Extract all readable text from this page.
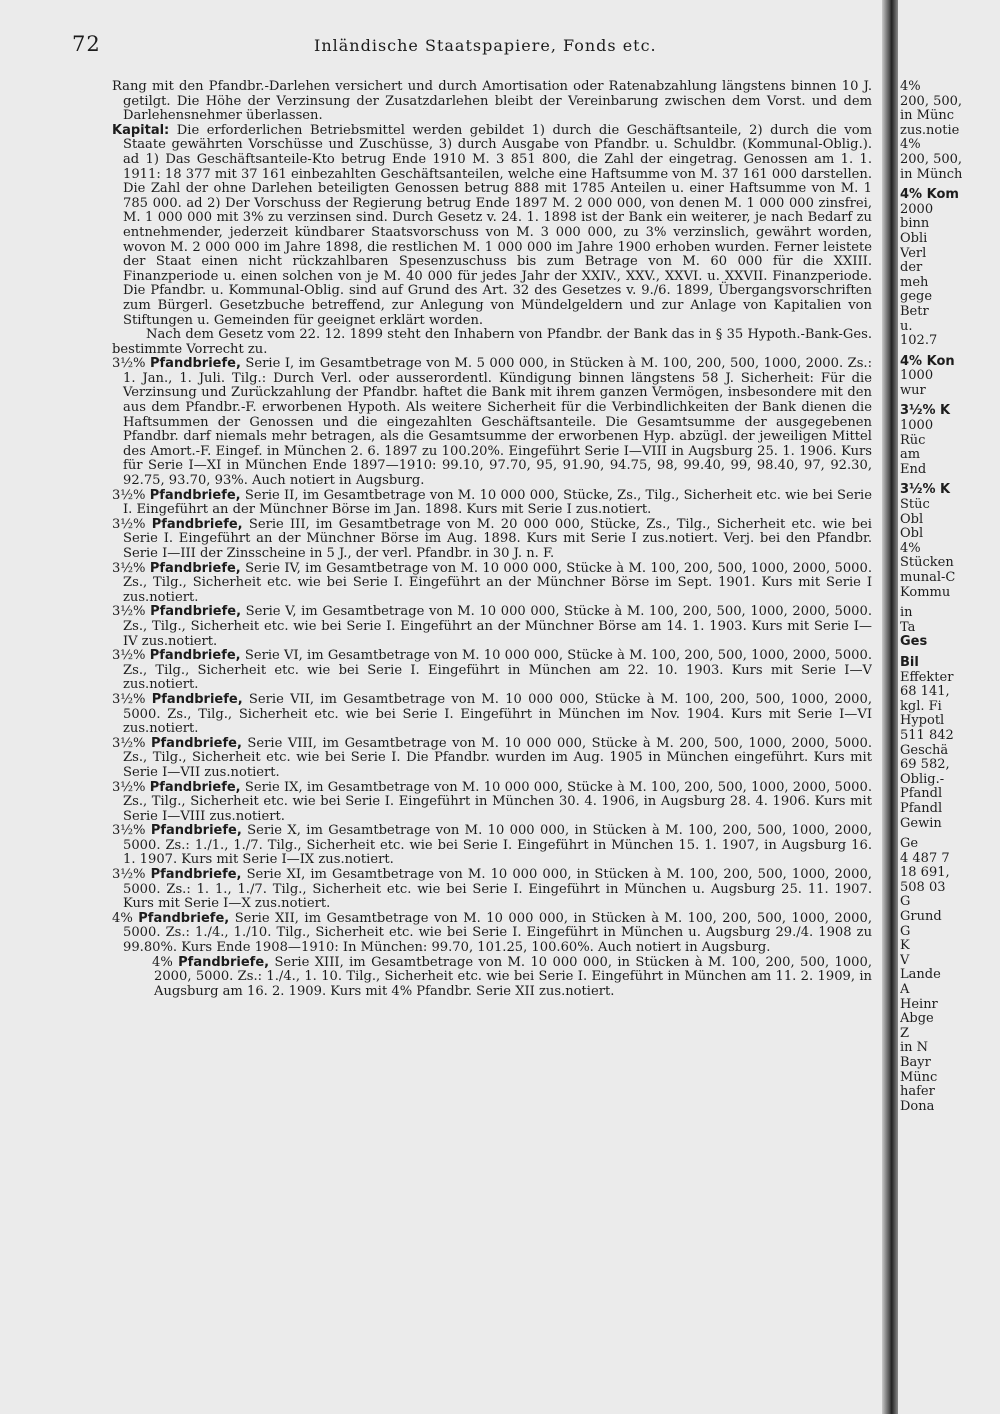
72	Inländische Staatspapiere, Fonds etc.

Rang mit den Pfandbr.-Darlehen versichert und durch Amortisation oder Ratenabzahlung längstens binnen 10 J. getilgt. Die Höhe der Verzinsung der Zusatzdarlehen bleibt der Vereinbarung zwischen dem Vorst. und dem Darlehensnehmer überlassen.

Kapital: Die erforderlichen Betriebsmittel werden gebildet 1) durch die Geschäftsanteile, 2) durch die vom Staate gewährten Vorschüsse und Zuschüsse, 3) durch Ausgabe von Pfandbr. u. Schuldbr. (Kommunal-Oblig.). ad 1) Das Geschäftsanteile-Kto betrug Ende 1910 M. 3 851 800, die Zahl der eingetrag. Genossen am 1. 1. 1911: 18 377 mit 37 161 einbezahlten Geschäftsanteilen, welche eine Haftsumme von M. 37 161 000 darstellen. Die Zahl der ohne Darlehen beteiligten Genossen betrug 888 mit 1785 Anteilen u. einer Haftsumme von M. 1 785 000. ad 2) Der Vorschuss der Regierung betrug Ende 1897 M. 2 000 000, von denen M. 1 000 000 zinsfrei, M. 1 000 000 mit 3% zu verzinsen sind. Durch Gesetz v. 24. 1. 1898 ist der Bank ein weiterer, je nach Bedarf zu entnehmender, jederzeit kündbarer Staatsvorschuss von M. 3 000 000, zu 3% verzinslich, gewährt worden, wovon M. 2 000 000 im Jahre 1898, die restlichen M. 1 000 000 im Jahre 1900 erhoben wurden. Ferner leistete der Staat einen nicht rückzahlbaren Spesenzuschuss bis zum Betrage von M. 60 000 für die XXIII. Finanzperiode u. einen solchen von je M. 40 000 für jedes Jahr der XXIV., XXV., XXVI. u. XXVII. Finanzperiode. Die Pfandbr. u. Kommunal-Oblig. sind auf Grund des Art. 32 des Gesetzes v. 9./6. 1899, Übergangsvorschriften zum Bürgerl. Gesetzbuche betreffend, zur Anlegung von Mündelgeldern und zur Anlage von Kapitalien von Stiftungen u. Gemeinden für geeignet erklärt worden.

Nach dem Gesetz vom 22. 12. 1899 steht den Inhabern von Pfandbr. der Bank das in § 35 Hypoth.-Bank-Ges. bestimmte Vorrecht zu.

3½% Pfandbriefe, Serie I, im Gesamtbetrage von M. 5 000 000, in Stücken à M. 100, 200, 500, 1000, 2000. Zs.: 1. Jan., 1. Juli. Tilg.: Durch Verl. oder ausserordentl. Kündigung binnen längstens 58 J. Sicherheit: Für die Verzinsung und Zurückzahlung der Pfandbr. haftet die Bank mit ihrem ganzen Vermögen, insbesondere mit den aus dem Pfandbr.-F. erworbenen Hypoth. Als weitere Sicherheit für die Verbindlichkeiten der Bank dienen die Haftsummen der Genossen und die eingezahlten Geschäftsanteile. Die Gesamtsumme der ausgegebenen Pfandbr. darf niemals mehr betragen, als die Gesamtsumme der erworbenen Hyp. abzügl. der jeweiligen Mittel des Amort.-F. Eingef. in München 2. 6. 1897 zu 100.20%. Eingeführt Serie I—VIII in Augsburg 25. 1. 1906. Kurs für Serie I—XI in München Ende 1897—1910: 99.10, 97.70, 95, 91.90, 94.75, 98, 99.40, 99, 98.40, 97, 92.30, 92.75, 93.70, 93%. Auch notiert in Augsburg.

3½% Pfandbriefe, Serie II, im Gesamtbetrage von M. 10 000 000, Stücke, Zs., Tilg., Sicherheit etc. wie bei Serie I. Eingeführt an der Münchner Börse im Jan. 1898. Kurs mit Serie I zus.notiert.

3½% Pfandbriefe, Serie III, im Gesamtbetrage von M. 20 000 000, Stücke, Zs., Tilg., Sicherheit etc. wie bei Serie I. Eingeführt an der Münchner Börse im Aug. 1898. Kurs mit Serie I zus.notiert. Verj. bei den Pfandbr. Serie I—III der Zinsscheine in 5 J., der verl. Pfandbr. in 30 J. n. F.

3½% Pfandbriefe, Serie IV, im Gesamtbetrage von M. 10 000 000, Stücke à M. 100, 200, 500, 1000, 2000, 5000. Zs., Tilg., Sicherheit etc. wie bei Serie I. Eingeführt an der Münchner Börse im Sept. 1901. Kurs mit Serie I zus.notiert.

3½% Pfandbriefe, Serie V, im Gesamtbetrage von M. 10 000 000, Stücke à M. 100, 200, 500, 1000, 2000, 5000. Zs., Tilg., Sicherheit etc. wie bei Serie I. Eingeführt an der Münchner Börse am 14. 1. 1903. Kurs mit Serie I—IV zus.notiert.

3½% Pfandbriefe, Serie VI, im Gesamtbetrage von M. 10 000 000, Stücke à M. 100, 200, 500, 1000, 2000, 5000. Zs., Tilg., Sicherheit etc. wie bei Serie I. Eingeführt in München am 22. 10. 1903. Kurs mit Serie I—V zus.notiert.

3½% Pfandbriefe, Serie VII, im Gesamtbetrage von M. 10 000 000, Stücke à M. 100, 200, 500, 1000, 2000, 5000. Zs., Tilg., Sicherheit etc. wie bei Serie I. Eingeführt in München im Nov. 1904. Kurs mit Serie I—VI zus.notiert.

3½% Pfandbriefe, Serie VIII, im Gesamtbetrage von M. 10 000 000, Stücke à M. 200, 500, 1000, 2000, 5000. Zs., Tilg., Sicherheit etc. wie bei Serie I. Die Pfandbr. wurden im Aug. 1905 in München eingeführt. Kurs mit Serie I—VII zus.notiert.

3½% Pfandbriefe, Serie IX, im Gesamtbetrage von M. 10 000 000, Stücke à M. 100, 200, 500, 1000, 2000, 5000. Zs., Tilg., Sicherheit etc. wie bei Serie I. Eingeführt in München 30. 4. 1906, in Augsburg 28. 4. 1906. Kurs mit Serie I—VIII zus.notiert.

3½% Pfandbriefe, Serie X, im Gesamtbetrage von M. 10 000 000, in Stücken à M. 100, 200, 500, 1000, 2000, 5000. Zs.: 1./1., 1./7. Tilg., Sicherheit etc. wie bei Serie I. Eingeführt in München 15. 1. 1907, in Augsburg 16. 1. 1907. Kurs mit Serie I—IX zus.notiert.

3½% Pfandbriefe, Serie XI, im Gesamtbetrage von M. 10 000 000, in Stücken à M. 100, 200, 500, 1000, 2000, 5000. Zs.: 1. 1., 1./7. Tilg., Sicherheit etc. wie bei Serie I. Eingeführt in München u. Augsburg 25. 11. 1907. Kurs mit Serie I—X zus.notiert.

4% Pfandbriefe, Serie XII, im Gesamtbetrage von M. 10 000 000, in Stücken à M. 100, 200, 500, 1000, 2000, 5000. Zs.: 1./4., 1./10. Tilg., Sicherheit etc. wie bei Serie I. Eingeführt in München u. Augsburg 29./4. 1908 zu 99.80%. Kurs Ende 1908—1910: In München: 99.70, 101.25, 100.60%. Auch notiert in Augsburg.

4% Pfandbriefe, Serie XIII, im Gesamtbetrage von M. 10 000 000, in Stücken à M. 100, 200, 500, 1000, 2000, 5000. Zs.: 1./4., 1. 10. Tilg., Sicherheit etc. wie bei Serie I. Eingeführt in München am 11. 2. 1909, in Augsburg am 16. 2. 1909. Kurs mit 4% Pfandbr. Serie XII zus.notiert.

4%
200, 500,
in Münc
zus.notie
4%
200, 500,
in Münch
4% Kom
2000
binn
Obli
Verl
der
meh
gege
Betr
u.
102.7
4% Kon
1000
wur
3½% K
1000
Rüc
am
End
3½% K
Stüc
Obl
Obl
4%
Stücken
munal-C
Kommu
in
Ta
Ges
Bil
Effekter
68 141,
kgl. Fi
Hypotl
511 842
Geschä
69 582,
Oblig.-
Pfandl
Pfandl
Gewin
Ge
4 487 7
18 691,
508 03
G
Grund
G
K
V
Lande
A
Heinr
Abge
Z
in N
Bayr
Münc
hafer
Dona
